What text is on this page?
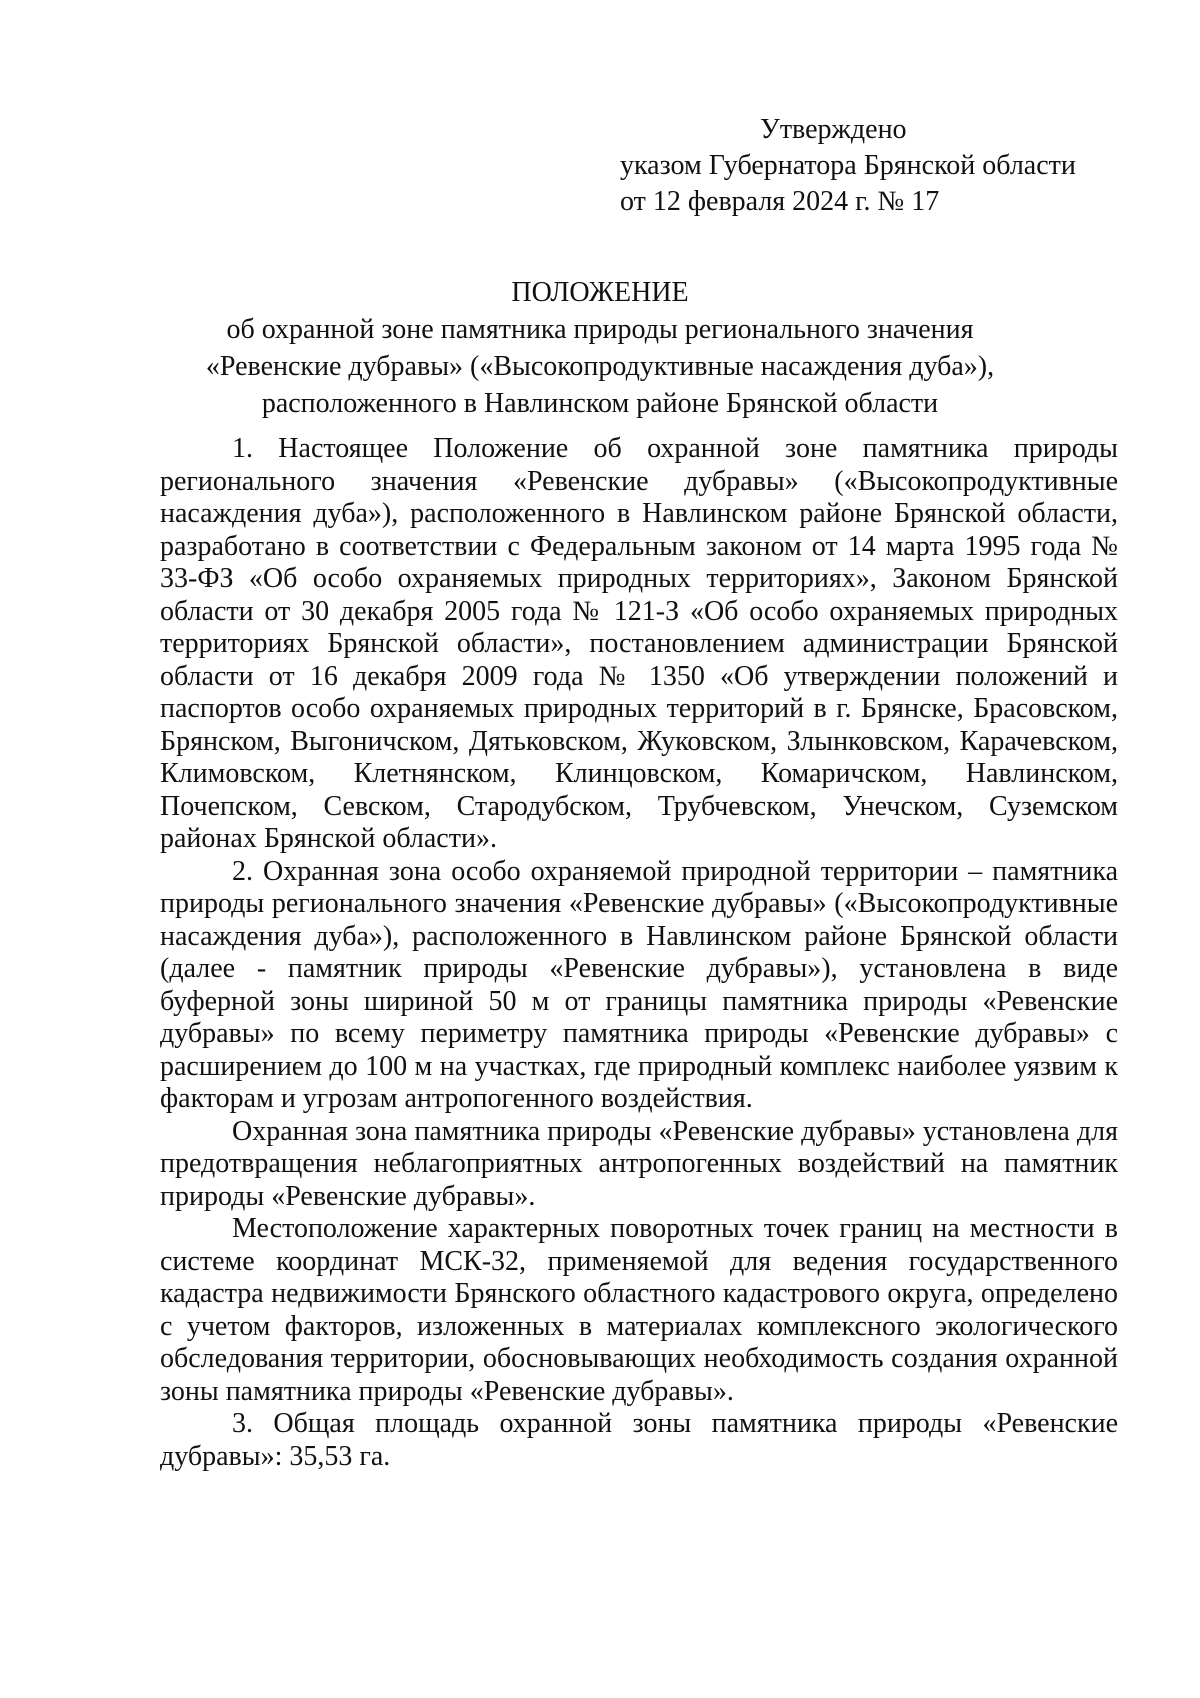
Утверждено
указом Губернатора Брянской области
от 12 февраля 2024 г. № 17
ПОЛОЖЕНИЕ
об охранной зоне памятника природы регионального значения
«Ревенские дубравы» («Высокопродуктивные насаждения дуба»),
расположенного в Навлинском районе Брянской области

1. Настоящее Положение об охранной зоне памятника природы регионального значения «Ревенские дубравы» («Высокопродуктивные насаждения дуба»), расположенного в Навлинском районе Брянской области, разработано в соответствии с Федеральным законом от 14 марта 1995 года № 33-ФЗ «Об особо охраняемых природных территориях», Законом Брянской области от 30 декабря 2005 года № 121-З «Об особо охраняемых природных территориях Брянской области», постановлением администрации Брянской области от 16 декабря 2009 года № 1350 «Об утверждении положений и паспортов особо охраняемых природных территорий в г. Брянске, Брасовском, Брянском, Выгоничском, Дятьковском, Жуковском, Злынковском, Карачевском, Климовском, Клетнянском, Клинцовском, Комаричском, Навлинском, Почепском, Севском, Стародубском, Трубчевском, Унечском, Суземском районах Брянской области».

2. Охранная зона особо охраняемой природной территории – памятника природы регионального значения «Ревенские дубравы» («Высокопродуктивные насаждения дуба»), расположенного в Навлинском районе Брянской области (далее - памятник природы «Ревенские дубравы»), установлена в виде буферной зоны шириной 50 м от границы памятника природы «Ревенские дубравы» по всему периметру памятника природы «Ревенские дубравы» с расширением до 100 м на участках, где природный комплекс наиболее уязвим к факторам и угрозам антропогенного воздействия.

Охранная зона памятника природы «Ревенские дубравы» установлена для предотвращения неблагоприятных антропогенных воздействий на памятник природы «Ревенские дубравы».

Местоположение характерных поворотных точек границ на местности в системе координат МСК-32, применяемой для ведения государственного кадастра недвижимости Брянского областного кадастрового округа, определено с учетом факторов, изложенных в материалах комплексного экологического обследования территории, обосновывающих необходимость создания охранной зоны памятника природы «Ревенские дубравы».

3. Общая площадь охранной зоны памятника природы «Ревенские дубравы»: 35,53 га.
